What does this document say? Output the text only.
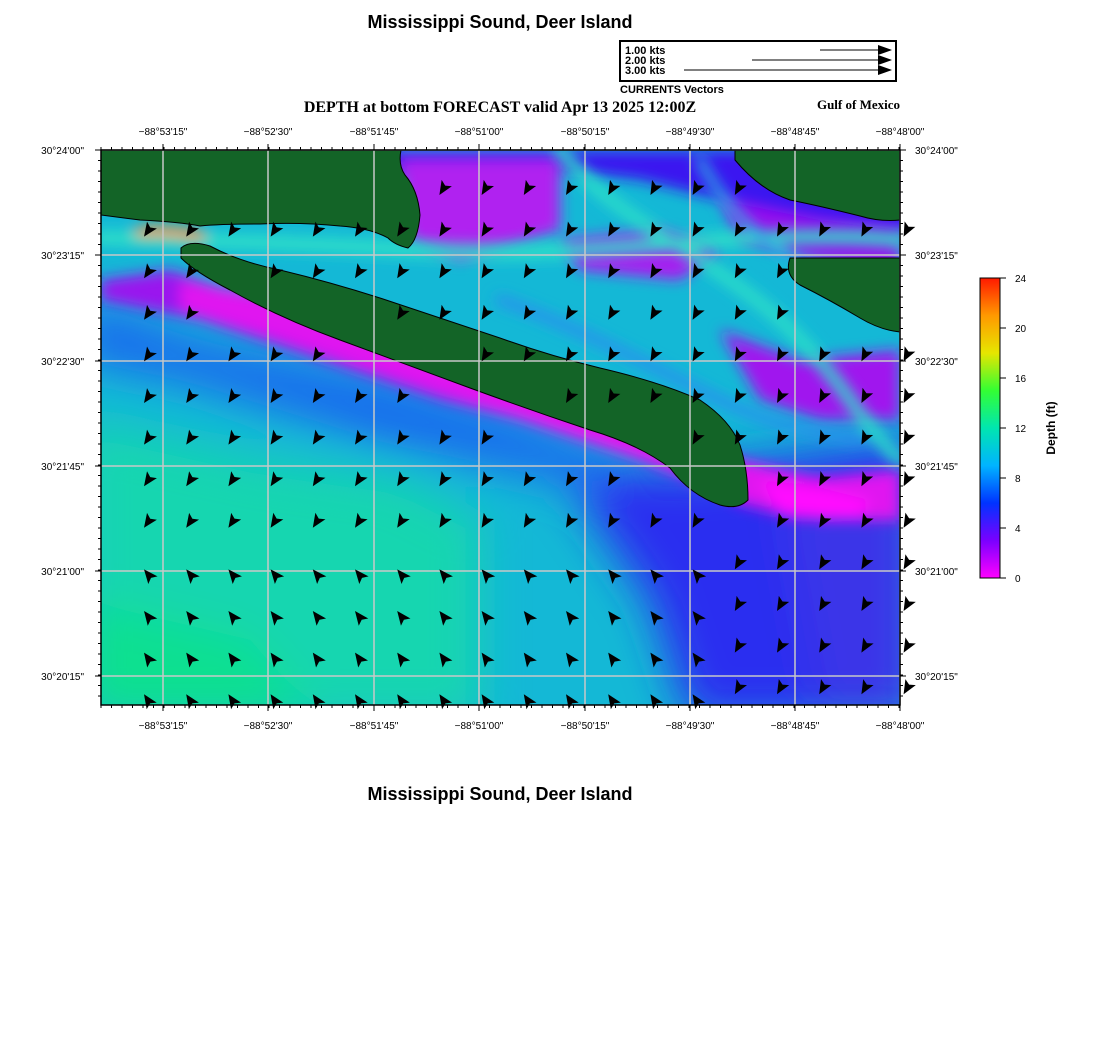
Mississippi Sound, Deer Island
1.00 kts
2.00 kts
3.00 kts
CURRENTS Vectors
DEPTH at bottom FORECAST valid Apr 13 2025 12:00Z	Gulf of Mexico
−88°53'15"
−88°53'15"
−88°52'30"
−88°52'30"
−88°51'45"
−88°51'45"
−88°51'00"
−88°51'00"
−88°50'15"
−88°50'15"
−88°49'30"
−88°49'30"
−88°48'45"
−88°48'45"
−88°48'00"
−88°48'00"
30°24'00"	30°24'00"
30°23'15"	30°23'15"
30°22'30"	30°22'30"
30°21'45"	30°21'45"
30°21'00"	30°21'00"
30°20'15"	30°20'15"
24
20
16
12
8
4
0
Depth (ft)
Mississippi Sound, Deer Island
